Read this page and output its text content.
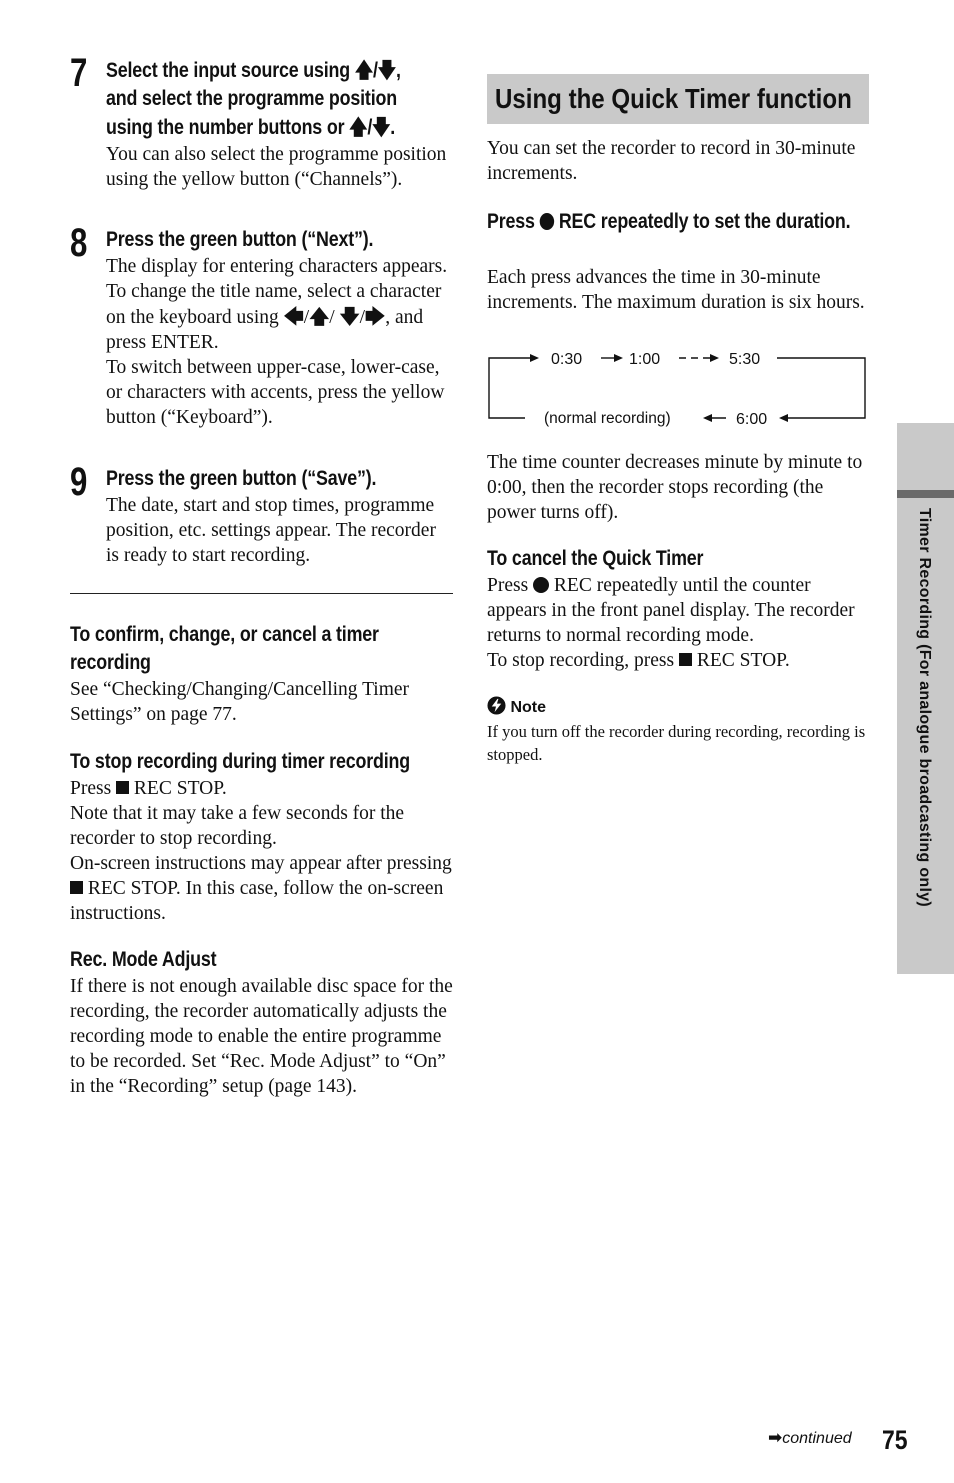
7 Select the input source using 🡅/🡇,
and select the programme position
using the number buttons or 🡅/🡇.

You can also select the programme position using the yellow button (“Channels”).

8 Press the green button (“Next”).

The display for entering characters appears.

To change the title name, select a character on the keyboard using 🡄/🡅/ 🡇/🡆, and press ENTER.

To switch between upper-case, lower-case, or characters with accents, press the yellow button (“Keyboard”).

9 Press the green button (“Save”).

The date, start and stop times, programme position, etc. settings appear. The recorder is ready to start recording.

To confirm, change, or cancel a timer recording

See “Checking/Changing/Cancelling Timer Settings” on page 77.

To stop recording during timer recording

Press REC STOP.

Note that it may take a few seconds for the recorder to stop recording.

On-screen instructions may appear after pressing  REC STOP. In this case, follow the on-screen instructions.

Rec. Mode Adjust

If there is not enough available disc space for the recording, the recorder automatically adjusts the recording mode to enable the entire programme to be recorded. Set “Rec. Mode Adjust” to “On” in the “Recording” setup (page 143).

Using the Quick Timer function

You can set the recorder to record in 30-minute increments.

Press REC repeatedly to set the duration.

Each press advances the time in 30-minute increments. The maximum duration is six hours.

0:30	1:00	5:30
6:00
(normal recording)

The time counter decreases minute by minute to 0:00, then the recorder stops recording (the power turns off).

To cancel the Quick Timer

Press REC repeatedly until the counter appears in the front panel display. The recorder returns to normal recording mode.

To stop recording, press REC STOP.

Note

If you turn off the recorder during recording, recording is stopped.	Timer Recording (For analogue broadcasting only)
➡continued 75
